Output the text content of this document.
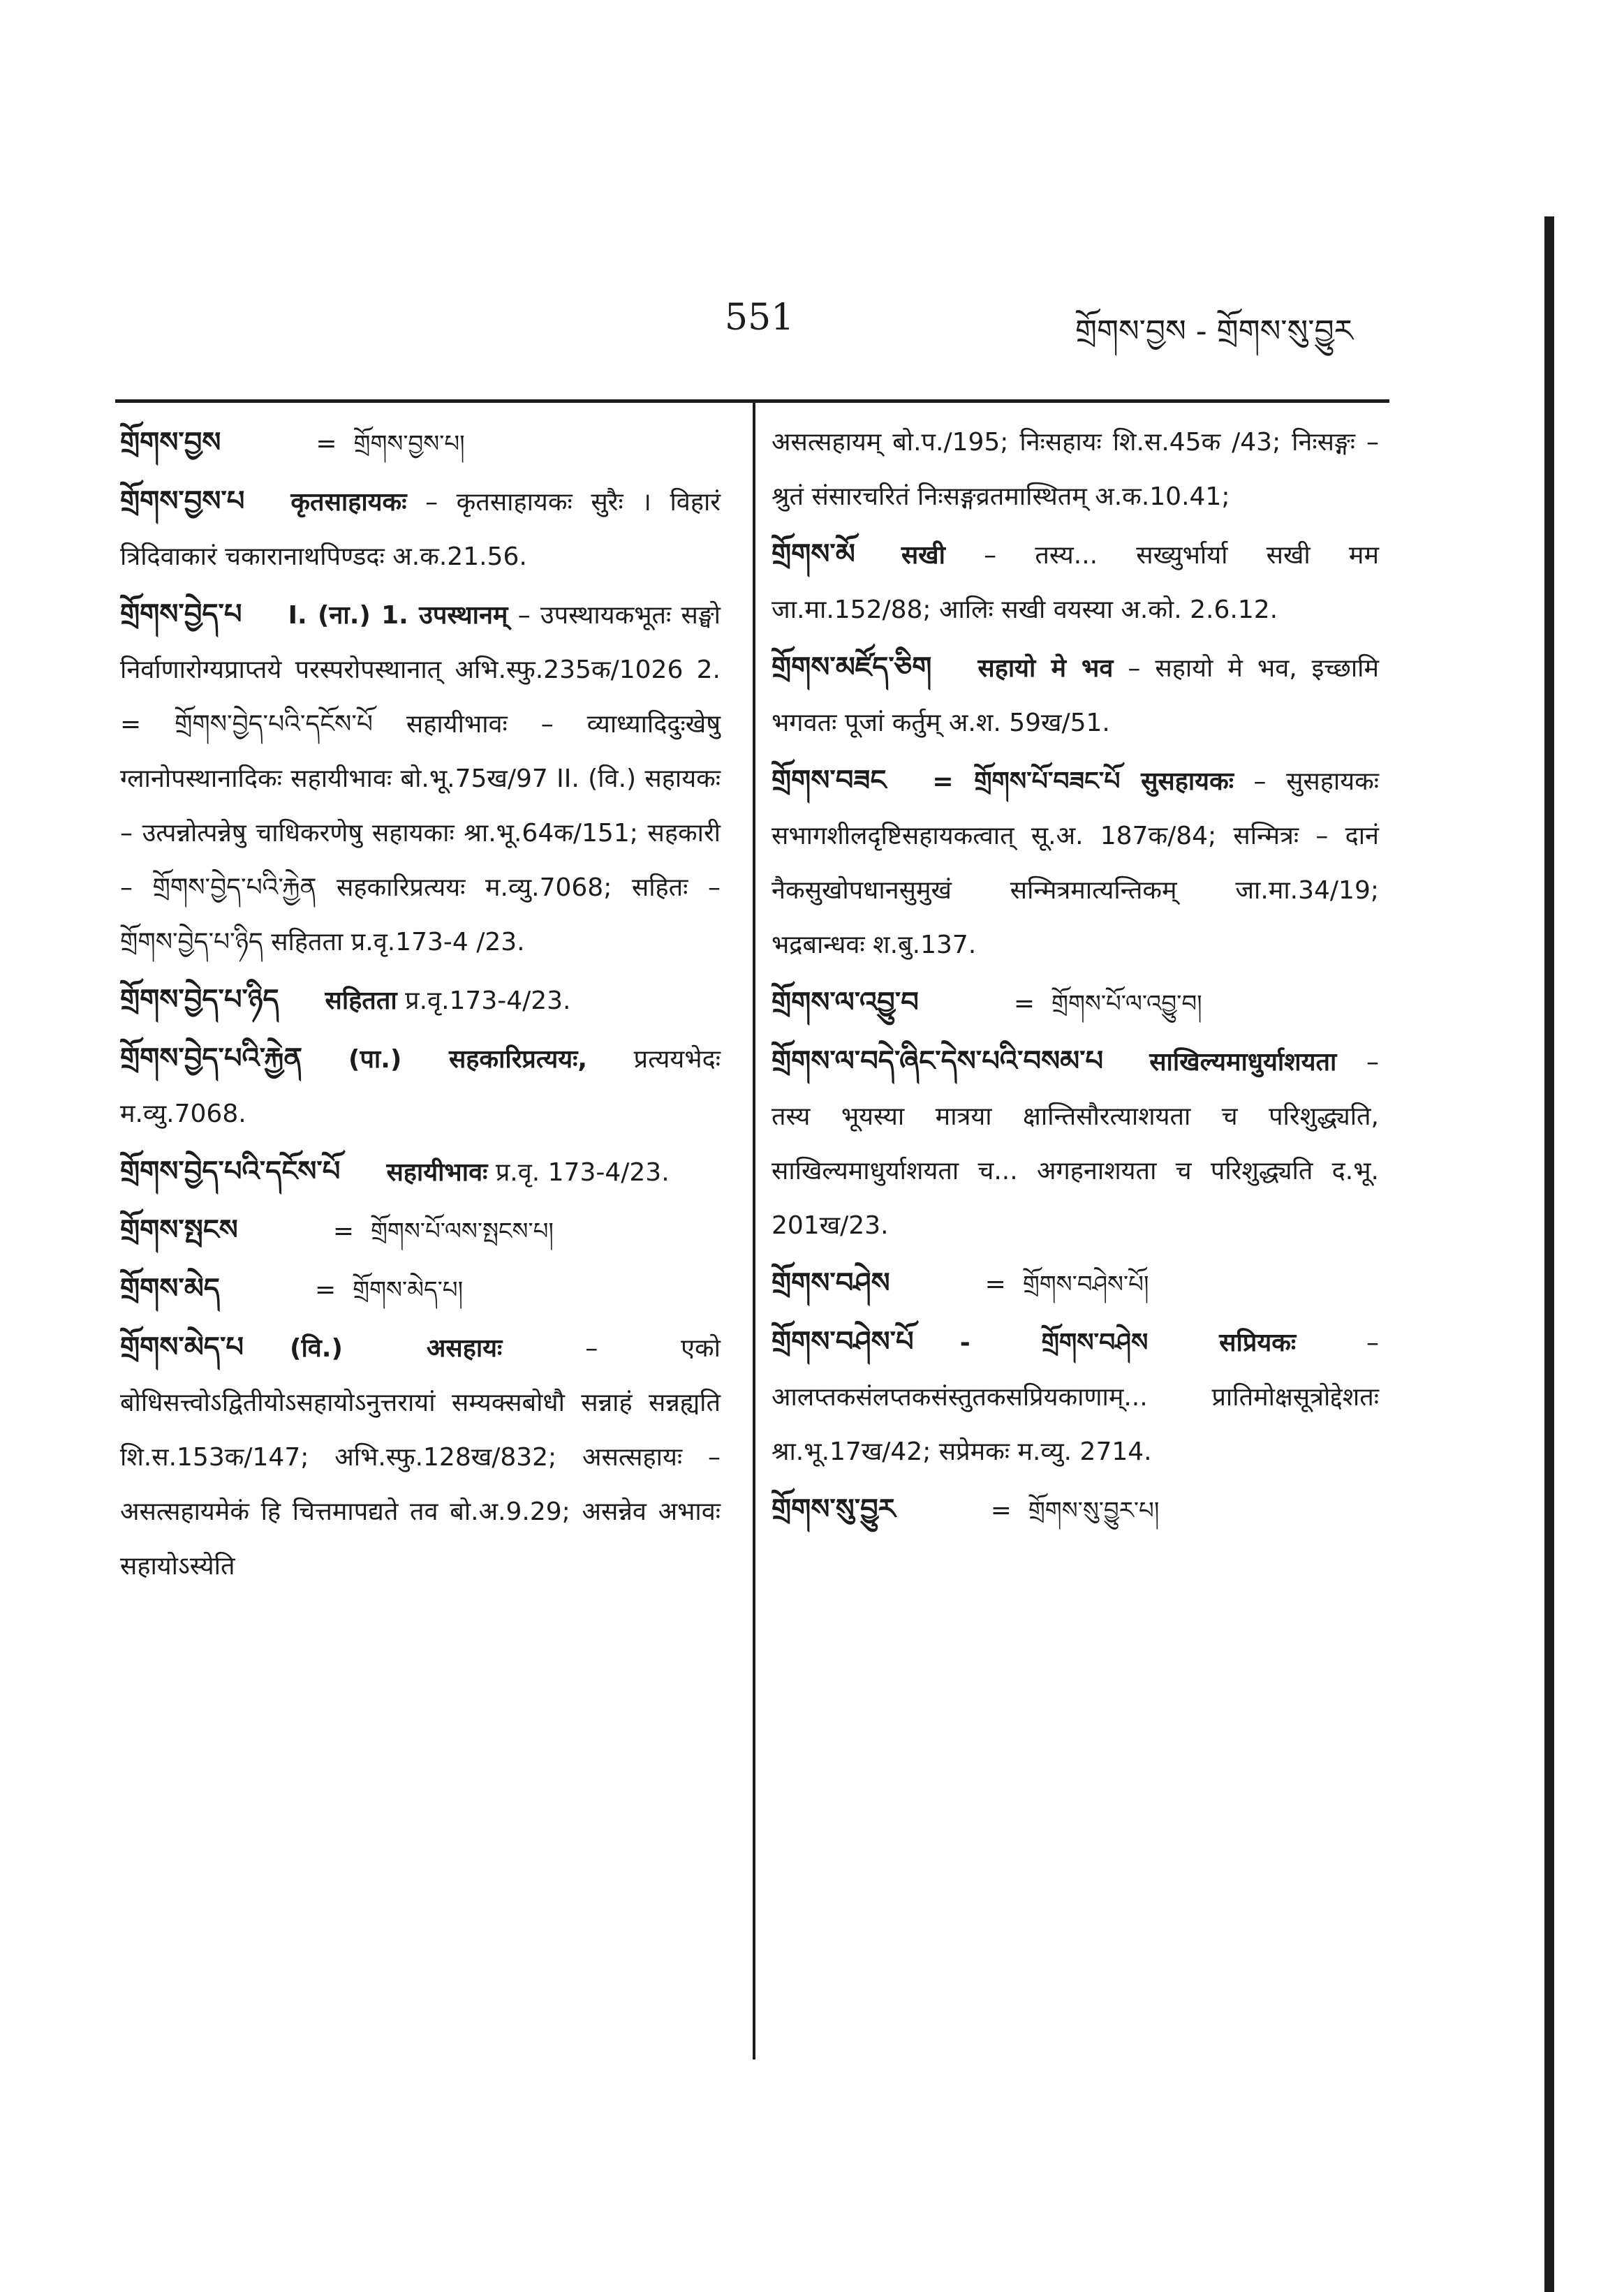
551	གྲོགས་བྱས - གྲོགས་སུ་བྱུར
གྲོགས་བྱས	= གྲོགས་བྱས་པ།
གྲོགས་བྱས་པ कृतसाहायकः – कृतसाहायकः सुरैः । विहारं त्रिदिवाकारं चकारानाथपिण्डदः अ.क.21.56.
གྲོགས་བྱེད་པ I. (ना.) 1. उपस्थानम् – उपस्थायकभूतः सङ्घो निर्वाणारोग्यप्राप्तये परस्परोपस्थानात् अभि.स्फु.235क/1026 2. = གྲོགས་བྱེད་པའི་དངོས་པོ सहायीभावः – व्याध्यादिदुःखेषु ग्लानोपस्थानादिकः सहायीभावः बो.भू.75ख/97 II. (वि.) सहायकः – उत्पन्नोत्पन्नेषु चाधिकरणेषु सहायकाः श्रा.भू.64क/151; सहकारी – གྲོགས་བྱེད་པའི་རྐྱེན सहकारिप्रत्ययः म.व्यु.7068; सहितः – གྲོགས་བྱེད་པ་ཉིད सहितता प्र.वृ.173-4 /23.
གྲོགས་བྱེད་པ་ཉིད सहितता प्र.वृ.173-4/23.
གྲོགས་བྱེད་པའི་རྐྱེན (पा.) सहकारिप्रत्ययः, प्रत्ययभेदः म.व्यु.7068.
གྲོགས་བྱེད་པའི་དངོས་པོ सहायीभावः प्र.वृ. 173-4/23.
གྲོགས་སྤངས	= གྲོགས་པོ་ལས་སྤངས་པ།
གྲོགས་མེད	= གྲོགས་མེད་པ།
གྲོགས་མེད་པ (वि.) असहायः	– एको बोधिसत्त्वोऽद्वितीयोऽसहायोऽनुत्तरायां सम्यक्सबोधौ सन्नाहं सन्नह्यति शि.स.153क/147; अभि.स्फु.128ख/832; असत्सहायः – असत्सहायमेकं हि चित्तमापद्यते तव बो.अ.9.29; असन्नेव अभावः सहायोऽस्येति
असत्सहायम् बो.प./195; निःसहायः शि.स.45क /43; निःसङ्गः – श्रुतं संसारचरितं निःसङ्गव्रतमास्थितम् अ.क.10.41;
གྲོགས་མོ सखी – तस्य... सख्युर्भार्या सखी मम जा.मा.152/88; आलिः सखी वयस्या अ.को. 2.6.12.
གྲོགས་མཛོད་ཅིག सहायो मे भव – सहायो मे भव, इच्छामि भगवतः पूजां कर्तुम् अ.श. 59ख/51.
གྲོགས་བཟང = གྲོགས་པོ་བཟང་པོ सुसहायकः – सुसहायकः सभागशीलदृष्टिसहायकत्वात् सू.अ. 187क/84; सन्मित्रः – दानं नैकसुखोपधानसुमुखं सन्मित्रमात्यन्तिकम् जा.मा.34/19; भद्रबान्धवः श.बु.137.
གྲོགས་ལ་འབྱུ་བ	= གྲོགས་པོ་ལ་འབྱུ་བ།
གྲོགས་ལ་བདེ་ཞིང་དེས་པའི་བསམ་པ साखिल्यमाधुर्याशयता – तस्य भूयस्या मात्रया क्षान्तिसौरत्याशयता च परिशुद्ध्यति, साखिल्यमाधुर्याशयता च... अगहनाशयता च परिशुद्ध्यति द.भू. 201ख/23.
གྲོགས་བཤེས	= གྲོགས་བཤེས་པོ།
གྲོགས་བཤེས་པོ - གྲོགས་བཤེས सप्रियकः	– आलप्तकसंलप्तकसंस्तुतकसप्रियकाणाम्... प्रातिमोक्षसूत्रोद्देशतः श्रा.भू.17ख/42; सप्रेमकः म.व्यु. 2714.
གྲོགས་སུ་བྱུར	= གྲོགས་སུ་བྱུར་པ།
